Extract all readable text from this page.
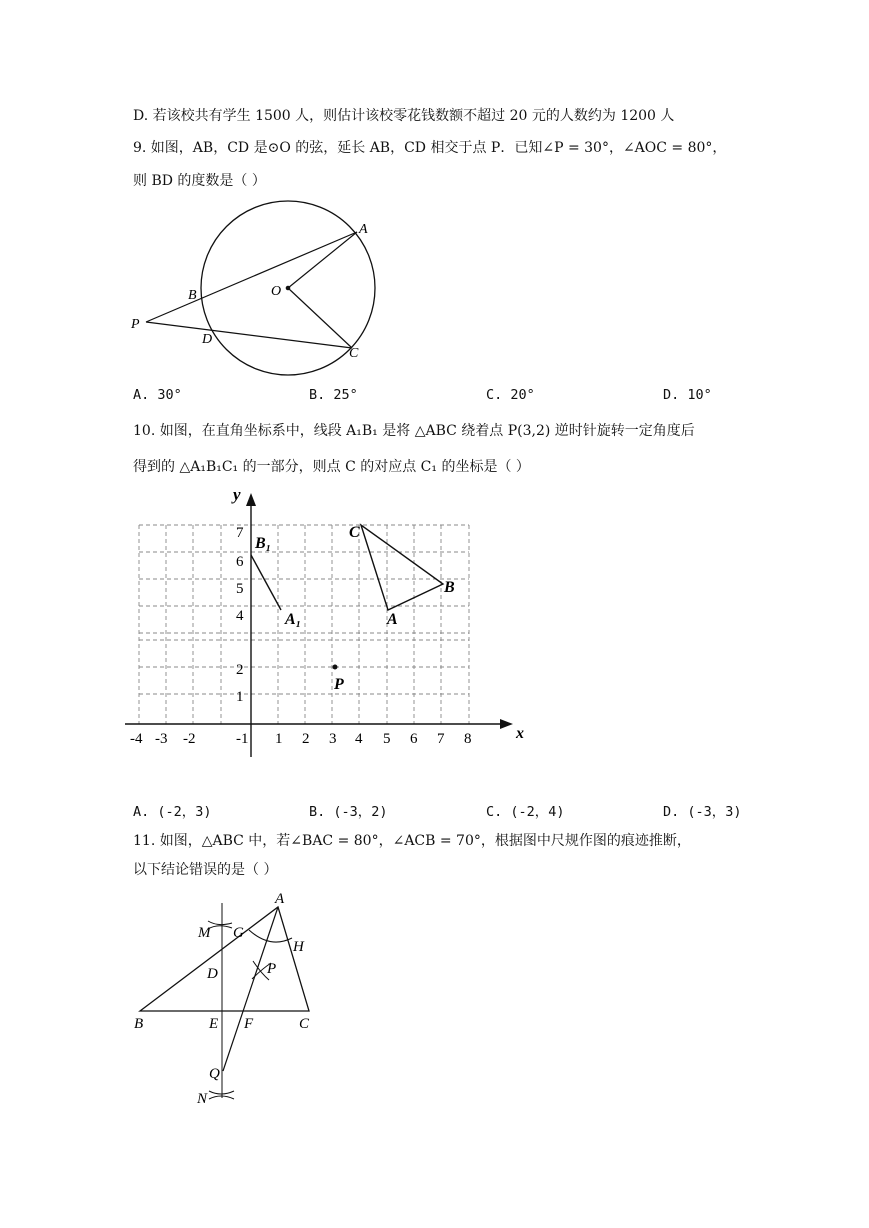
D. 若该校共有学生 1500 人，则估计该校零花钱数额不超过 20 元的人数约为 1200 人
9. 如图，AB，CD 是⊙O 的弦，延长 AB，CD 相交于点 P．已知∠P = 30°，∠AOC = 80°，
则 BD 的度数是（ ）
A
B
C
D
O
P
A. 30°	B. 25°	C. 20°	D. 10°
10. 如图，在直角坐标系中，线段 A₁B₁ 是将 △ABC 绕着点 P(3,2) 逆时针旋转一定角度后
得到的 △A₁B₁C₁ 的一部分，则点 C 的对应点 C₁ 的坐标是（ ）
y
x
-4 -3 -2	-1 1 2 3 4 5 6 7 8
1
2
4
5
6
7	C
B
A
B₁
A₁
P
A. (-2，3)	B. (-3，2)	C. (-2，4)	D. (-3，3)
11. 如图，△ABC 中，若∠BAC = 80°，∠ACB = 70°，根据图中尺规作图的痕迹推断，
以下结论错误的是（ ）
A
B	C
D
E F
G
H
M
N
P
Q
